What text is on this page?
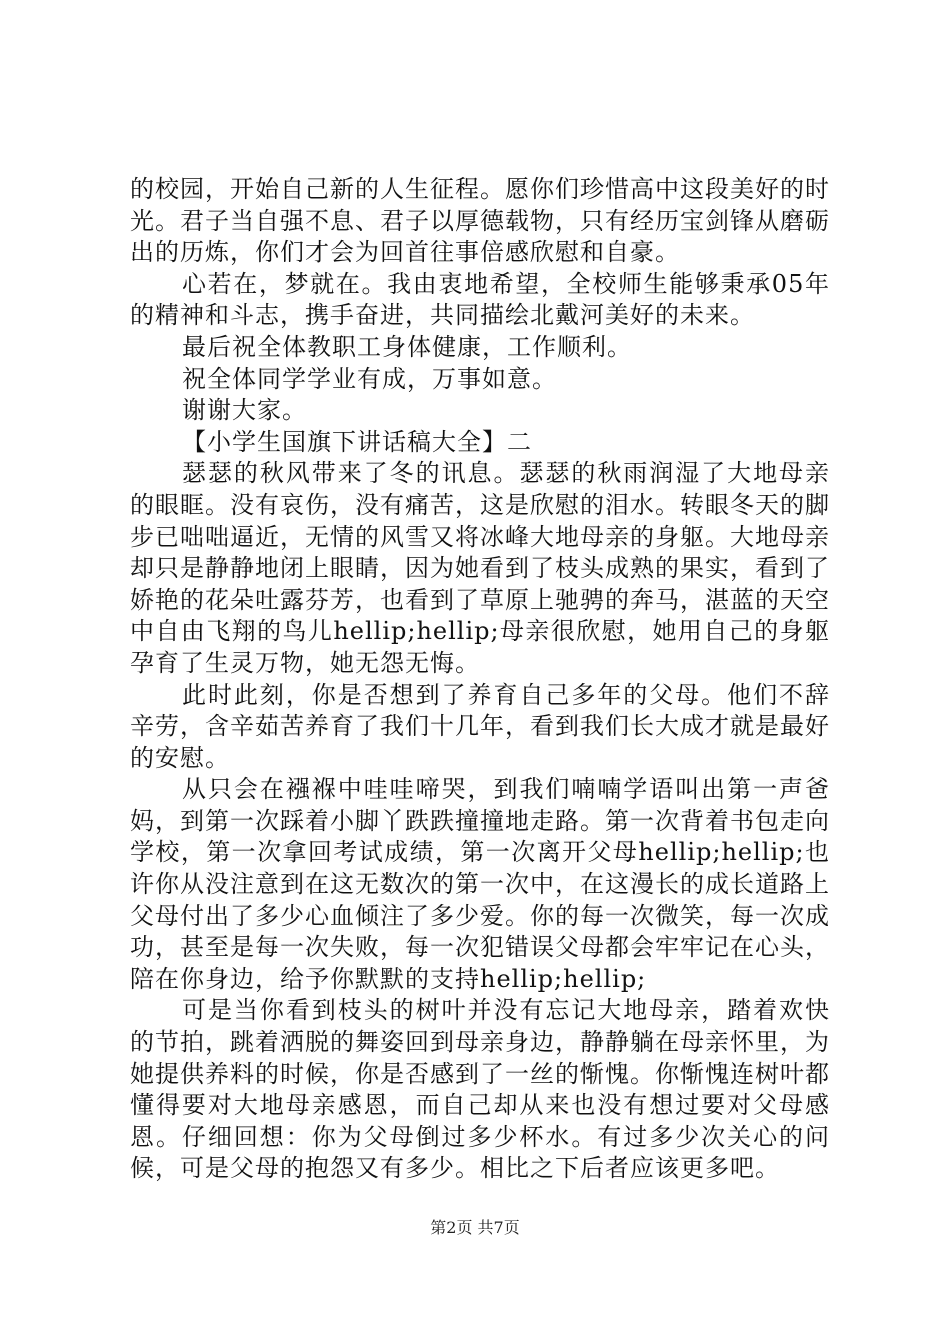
的校园，开始自己新的人生征程。愿你们珍惜高中这段美好的时光。君子当自强不息、君子以厚德载物，只有经历宝剑锋从磨砺出的历炼，你们才会为回首往事倍感欣慰和自豪。

心若在，梦就在。我由衷地希望，全校师生能够秉承05年的精神和斗志，携手奋进，共同描绘北戴河美好的未来。

最后祝全体教职工身体健康，工作顺利。

祝全体同学学业有成，万事如意。

谢谢大家。

【小学生国旗下讲话稿大全】二

瑟瑟的秋风带来了冬的讯息。瑟瑟的秋雨润湿了大地母亲的眼眶。没有哀伤，没有痛苦，这是欣慰的泪水。转眼冬天的脚步已咄咄逼近，无情的风雪又将冰峰大地母亲的身躯。大地母亲却只是静静地闭上眼睛，因为她看到了枝头成熟的果实，看到了娇艳的花朵吐露芬芳，也看到了草原上驰骋的奔马，湛蓝的天空中自由飞翔的鸟儿hellip;hellip;母亲很欣慰，她用自己的身躯孕育了生灵万物，她无怨无悔。

此时此刻，你是否想到了养育自己多年的父母。他们不辞辛劳，含辛茹苦养育了我们十几年，看到我们长大成才就是最好的安慰。

从只会在襁褓中哇哇啼哭，到我们喃喃学语叫出第一声爸妈，到第一次踩着小脚丫跌跌撞撞地走路。第一次背着书包走向学校，第一次拿回考试成绩，第一次离开父母hellip;hellip;也许你从没注意到在这无数次的第一次中，在这漫长的成长道路上父母付出了多少心血倾注了多少爱。你的每一次微笑，每一次成功，甚至是每一次失败，每一次犯错误父母都会牢牢记在心头，陪在你身边，给予你默默的支持hellip;hellip;

可是当你看到枝头的树叶并没有忘记大地母亲，踏着欢快的节拍，跳着洒脱的舞姿回到母亲身边，静静躺在母亲怀里，为她提供养料的时候，你是否感到了一丝的惭愧。你惭愧连树叶都懂得要对大地母亲感恩，而自己却从来也没有想过要对父母感恩。仔细回想：你为父母倒过多少杯水。有过多少次关心的问候，可是父母的抱怨又有多少。相比之下后者应该更多吧。

第2页 共7页
